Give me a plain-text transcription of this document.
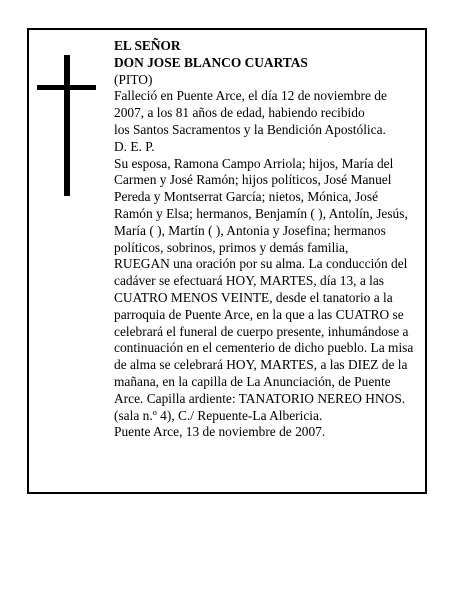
EL SEÑOR
DON JOSE BLANCO CUARTAS
(PITO)
Falleció en Puente Arce, el día 12 de noviembre de
2007, a los 81 años de edad, habiendo recibido
los Santos Sacramentos y la Bendición Apostólica.
D. E. P.
Su esposa, Ramona Campo Arriola; hijos, María del
Carmen y José Ramón; hijos políticos, José Manuel
Pereda y Montserrat García; nietos, Mónica, José
Ramón y Elsa; hermanos, Benjamín ( ), Antolín, Jesús,
María ( ), Martín ( ), Antonia y Josefina; hermanos
políticos, sobrinos, primos y demás familia,
RUEGAN una oración por su alma. La conducción del
cadáver se efectuará HOY, MARTES, día 13, a las
CUATRO MENOS VEINTE, desde el tanatorio a la
parroquia de Puente Arce, en la que a las CUATRO se
celebrará el funeral de cuerpo presente, inhumándose a
continuación en el cementerio de dicho pueblo. La misa
de alma se celebrará HOY, MARTES, a las DIEZ de la
mañana, en la capilla de La Anunciación, de Puente
Arce. Capilla ardiente: TANATORIO NEREO HNOS.
(sala n.º 4), C./ Repuente-La Albericia.
Puente Arce, 13 de noviembre de 2007.
